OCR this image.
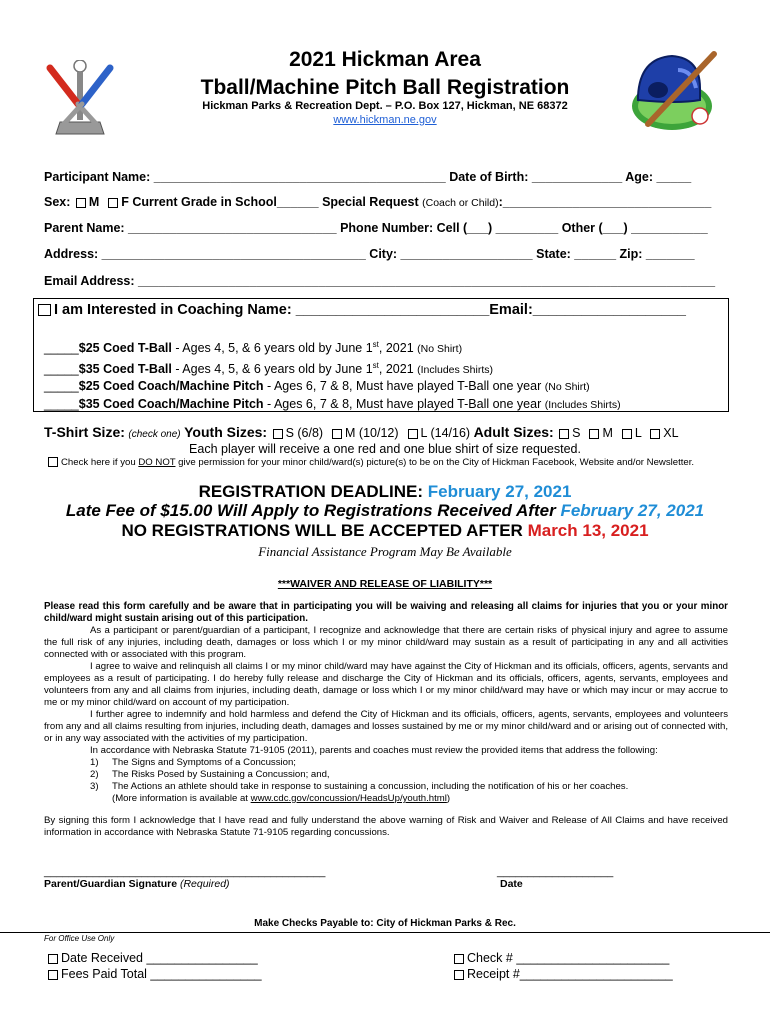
2021 Hickman Area
Tball/Machine Pitch Ball Registration
Hickman Parks & Recreation Dept. – P.O. Box 127, Hickman, NE 68372
www.hickman.ne.gov
Participant Name: __________________________________________ Date of Birth: _____________ Age: _____
Sex: M F Current Grade in School______ Special Request (Coach or Child):______________________________
Parent Name: ______________________________ Phone Number: Cell (___) _________ Other (___) ___________
Address: ______________________________________ City: ___________________ State: ______ Zip: _______
Email Address: ___________________________________________________________________________________
I am Interested in Coaching Name: ________________________Email:___________________
_____$25 Coed T-Ball - Ages 4, 5, & 6 years old by June 1st, 2021 (No Shirt)
_____$35 Coed T-Ball - Ages 4, 5, & 6 years old by June 1st, 2021 (Includes Shirts)
_____$25 Coed Coach/Machine Pitch - Ages 6, 7 & 8, Must have played T-Ball one year (No Shirt)
_____$35 Coed Coach/Machine Pitch - Ages 6, 7 & 8, Must have played T-Ball one year (Includes Shirts)
T-Shirt Size: (check one) Youth Sizes: S (6/8) M (10/12) L (14/16) Adult Sizes: S M L XL
Each player will receive a one red and one blue shirt of size requested.
Check here if you DO NOT give permission for your minor child/ward(s) picture(s) to be on the City of Hickman Facebook, Website and/or Newsletter.
REGISTRATION DEADLINE: February 27, 2021
Late Fee of $15.00 Will Apply to Registrations Received After February 27, 2021
NO REGISTRATIONS WILL BE ACCEPTED AFTER March 13, 2021
Financial Assistance Program May Be Available
***WAIVER AND RELEASE OF LIABILITY***

Please read this form carefully and be aware that in participating you will be waiving and releasing all claims for injuries that you or your minor child/ward might sustain arising out of this participation.

As a participant or parent/guardian of a participant, I recognize and acknowledge that there are certain risks of physical injury and agree to assume the full risk of any injuries, including death, damages or loss which I or my minor child/ward may sustain as a result of participating in any and all activities connected with or associated with this program.

I agree to waive and relinquish all claims I or my minor child/ward may have against the City of Hickman and its officials, officers, agents, servants and employees as a result of participating. I do hereby fully release and discharge the City of Hickman and its officials, officers, agents, servants, employees and volunteers from any and all claims from injuries, including death, damage or loss which I or my minor child/ward may have or which may incur or may accrue to me or my minor child/ward on account of my participation.

I further agree to indemnify and hold harmless and defend the City of Hickman and its officials, officers, agents, servants, employees and volunteers from any and all claims resulting from injuries, including death, damages and losses sustained by me or my minor child/ward and or arising out of connected with, or in any way associated with the activities of my participation.

In accordance with Nebraska Statute 71-9105 (2011), parents and coaches must review the provided items that address the following:

1)	The Signs and Symptoms of a Concussion;
2)	The Risks Posed by Sustaining a Concussion; and,
3)	The Actions an athlete should take in response to sustaining a concussion, including the notification of his or her coaches.

(More information is available at www.cdc.gov/concussion/HeadsUp/youth.html)

By signing this form I acknowledge that I have read and fully understand the above warning of Risk and Waiver and Release of All Claims and have received information in accordance with Nebraska Statute 71-9105 regarding concussions.

______________________________________________
Parent/Guardian Signature (Required)
___________________
Date
Make Checks Payable to: City of Hickman Parks & Rec.
For Office Use Only
Date Received ________________
Fees Paid Total ________________
Check # ______________________
Receipt #______________________
